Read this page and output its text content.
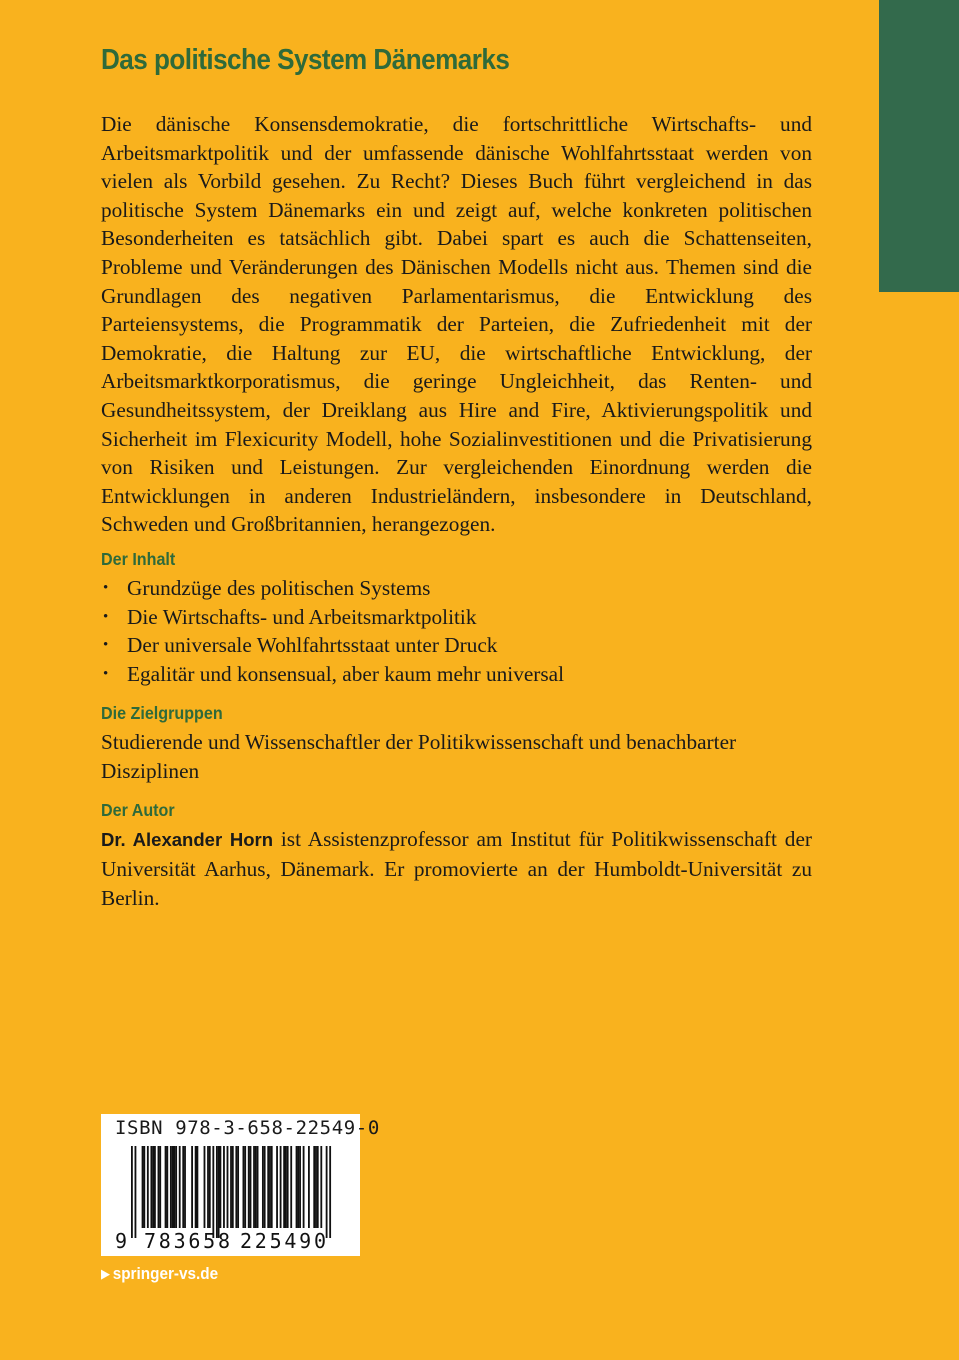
Das politische System Dänemarks

Die dänische Konsensdemokratie, die fortschrittliche Wirtschafts- und Arbeitsmarktpolitik und der umfassende dänische Wohlfahrtsstaat werden von vielen als Vorbild gesehen. Zu Recht? Dieses Buch führt vergleichend in das politische System Dänemarks ein und zeigt auf, welche konkreten politischen Besonderheiten es tatsächlich gibt. Dabei spart es auch die Schattenseiten, Probleme und Veränderungen des Dänischen Modells nicht aus. Themen sind die Grundlagen des negativen Parlamentarismus, die Entwicklung des Parteiensystems, die Programmatik der Parteien, die Zufriedenheit mit der Demokratie, die Haltung zur EU, die wirtschaftliche Entwicklung, der Arbeitsmarktkorporatismus, die geringe Ungleichheit, das Renten- und Gesundheitssystem, der Dreiklang aus Hire and Fire, Aktivierungspolitik und Sicherheit im Flexicurity Modell, hohe Sozialinvestitionen und die Privatisierung von Risiken und Leistungen. Zur vergleichenden Einordnung werden die Entwicklungen in anderen Industrieländern, insbesondere in Deutschland, Schweden und Großbritannien, herangezogen.

Der Inhalt
• Grundzüge des politischen Systems
• Die Wirtschafts- und Arbeitsmarktpolitik
• Der universale Wohlfahrtsstaat unter Druck
• Egalitär und konsensual, aber kaum mehr universal
Die Zielgruppen

Studierende und Wissenschaftler der Politikwissenschaft und benachbarter Disziplinen

Der Autor

Dr. Alexander Horn ist Assistenzprofessor am Institut für Politikwissenschaft der Universität Aarhus, Dänemark. Er promovierte an der Humboldt-Universität zu Berlin.

9 783658 225490
ISBN 978-3-658-22549-0
▶ springer-vs.de
